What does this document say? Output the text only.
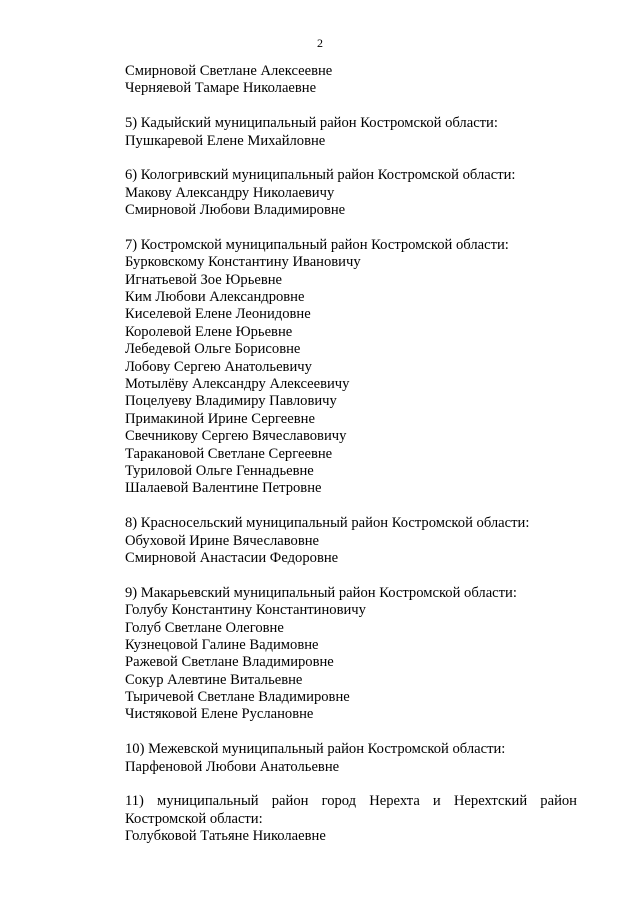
2
Смирновой Светлане Алексеевне
Черняевой Тамаре Николаевне
5) Кадыйский муниципальный район Костромской области:
Пушкаревой Елене Михайловне
6) Кологривский муниципальный район Костромской области:
Макову Александру Николаевичу
Смирновой Любови Владимировне
7) Костромской муниципальный район Костромской области:
Бурковскому Константину Ивановичу
Игнатьевой Зое Юрьевне
Ким Любови Александровне
Киселевой Елене Леонидовне
Королевой Елене Юрьевне
Лебедевой Ольге Борисовне
Лобову Сергею Анатольевичу
Мотылёву Александру Алексеевичу
Поцелуеву Владимиру Павловичу
Примакиной Ирине Сергеевне
Свечникову Сергею Вячеславовичу
Таракановой Светлане Сергеевне
Туриловой Ольге Геннадьевне
Шалаевой Валентине Петровне
8) Красносельский муниципальный район Костромской области:
Обуховой Ирине Вячеславовне
Смирновой Анастасии Федоровне
9) Макарьевский муниципальный район Костромской области:
Голубу Константину Константиновичу
Голуб Светлане Олеговне
Кузнецовой Галине Вадимовне
Ражевой Светлане Владимировне
Сокур Алевтине Витальевне
Тыричевой Светлане Владимировне
Чистяковой Елене Руслановне
10) Межевской муниципальный район Костромской области:
Парфеновой Любови Анатольевне
11) муниципальный район город Нерехта и Нерехтский район
Костромской области:
Голубковой Татьяне Николаевне
